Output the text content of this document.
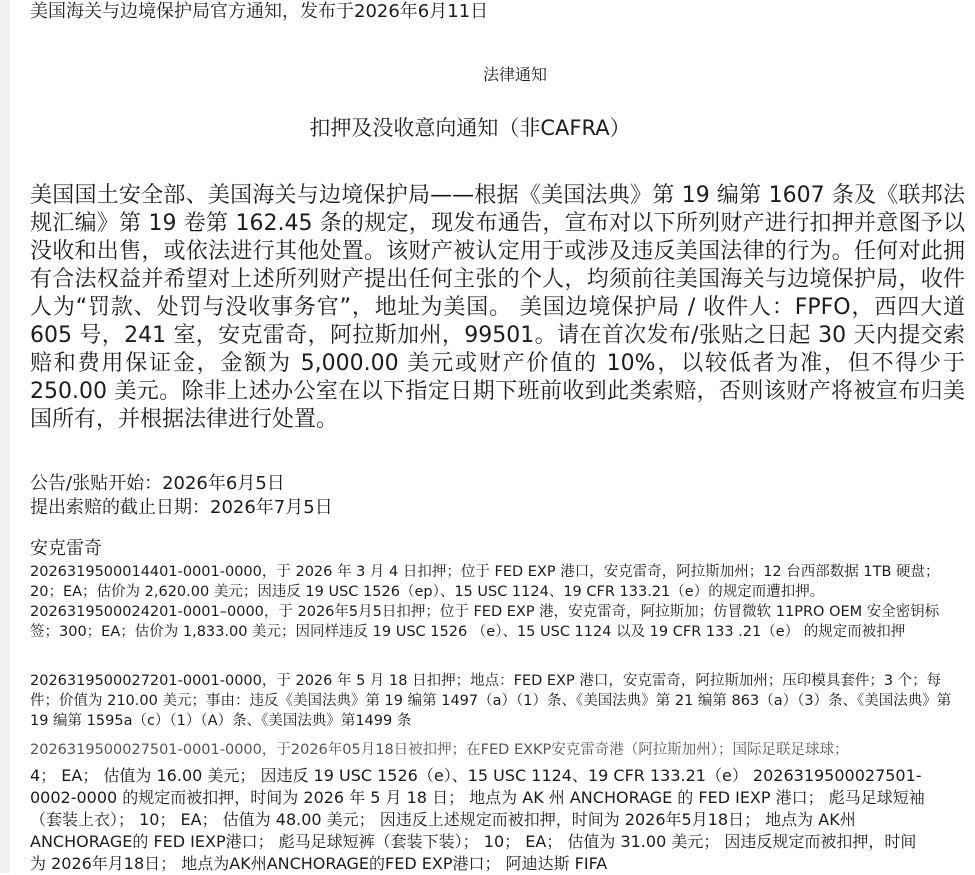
美国海关与边境保护局官方通知，发布于2026年6月11日
法律通知
扣押及没收意向通知（非CAFRA）
美国国土安全部、美国海关与边境保护局——根据《美国法典》第 19 编第 1607 条及《联邦法规汇编》第 19 卷第 162.45 条的规定，现发布通告，宣布对以下所列财产进行扣押并意图予以没收和出售，或依法进行其他处置。该财产被认定用于或涉及违反美国法律的行为。任何对此拥有合法权益并希望对上述所列财产提出任何主张的个人，均须前往美国海关与边境保护局，收件人为“罚款、处罚与没收事务官”，地址为美国。 美国边境保护局 / 收件人：FPFO，西四大道 605 号，241 室，安克雷奇，阿拉斯加州，99501。请在首次发布/张贴之日起 30 天内提交索赔和费用保证金，金额为 5,000.00 美元或财产价值的 10%，以较低者为准，但不得少于 250.00 美元。除非上述办公室在以下指定日期下班前收到此类索赔，否则该财产将被宣布归美国所有，并根据法律进行处置。
公告/张贴开始：2026年6月5日
提出索赔的截止日期：2026年7月5日
安克雷奇
202631950001440​1-0001-0000，于 2026 年 3 月 4 日扣押；位于 FED EXP 港口，安克雷奇，阿拉斯加州；12 台西部数据 1TB 硬盘；20；EA；估价为 2,620.00 美元；因违反 19 USC 1526（ep）、15 USC 1124、19 CFR 133.21（e）的规定而遭扣押。 2026319500024201-0001–0000，于 2026年5月5日扣押；位于 FED EXP 港，安克雷奇，阿拉斯加；仿冒微软 11PRO OEM 安全密钥标签；300；EA；估价为 1,833.00 美元；因同样违反 19 USC 1526 （e）、15 USC 1124 以及 19 CFR 133 .21（e） 的规定而被扣押
2026319500027201-0001-0000，于 2026 年 5 月 18 日扣押；地点：FED EXP 港口，安克雷奇，阿拉斯加州；压印模具套件；3 个；每件；价值为 210.00 美元；事由：违反《美国法典》第 19 编第 1497（a）（1）条、《美国法典》第 21 编第 863（a）（3）条、《美国法典》第19 编第 1595a（c）（1）（A）条、《美国法典》第1499 条
2026319500027501-0001-0000，于2026年05月18日被扣押；在FED EXKP安克雷奇港（阿拉斯加州）；国际足联足球球；
4； EA； 估值为 16.00 美元； 因违反 19 USC 1526（e）、15 USC 1124、19 CFR 133.21（e） 2026319500027501-0002-0000 的规定而被扣押，时间为 2026 年 5 月 18 日； 地点为 AK 州 ANCHORAGE 的 FED IEXP 港口； 彪马足球短袖（套装上衣）； 10； EA； 估值为 48.00 美元； 因违反上述规定而被扣押，时间为 2026年5月18日； 地点为 AK州 ANCHORAGE的 FED IEXP港口； 彪马足球短裤（套装下装）； 10； EA； 估值为 31.00 美元； 因违反规定而被扣押，时间为 2026年月18日； 地点为AK州ANCHORAGE的FED EXP港口； 阿迪达斯 FIFA
